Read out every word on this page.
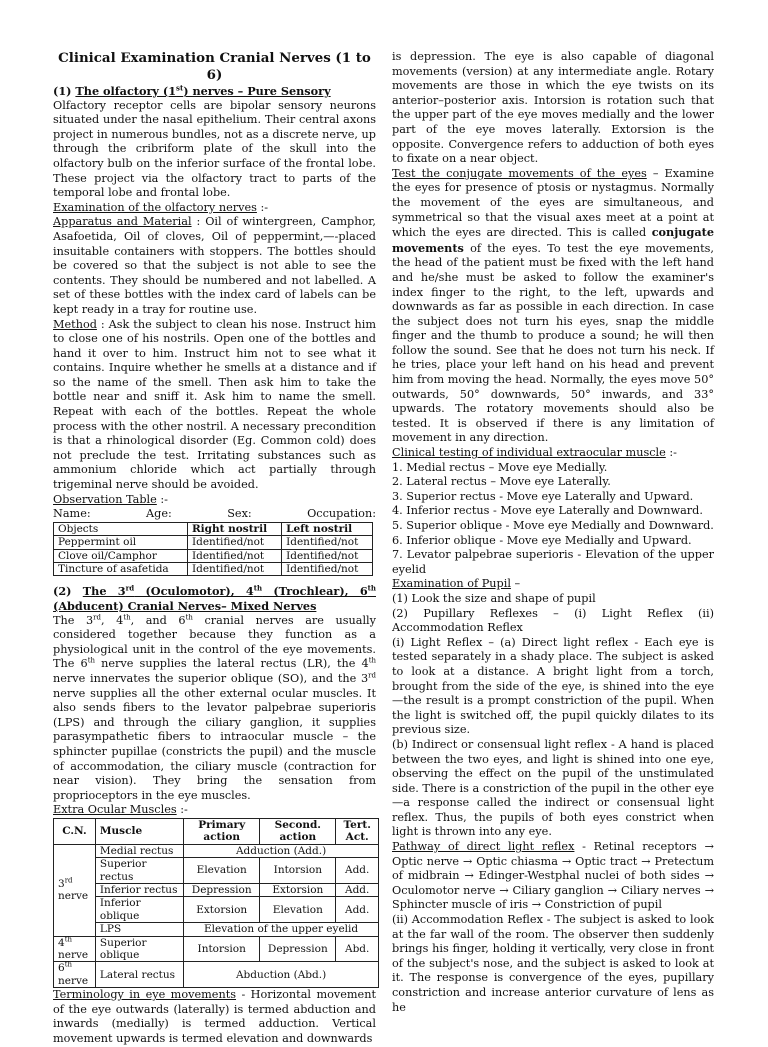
Clinical Examination Cranial Nerves (1 to 6)

(1) The olfactory (1st) nerves – Pure Sensory

Olfactory receptor cells are bipolar sensory neurons situated under the nasal epithelium. Their central axons project in numerous bundles, not as a discrete nerve, up through the cribriform plate of the skull into the olfactory bulb on the inferior surface of the frontal lobe. These project via the olfactory tract to parts of the temporal lobe and frontal lobe.

Examination of the olfactory nerves :-

Apparatus and Material : Oil of wintergreen, Camphor, Asafoetida, Oil of cloves, Oil of peppermint,—-placed insuitable containers with stoppers. The bottles should be covered so that the subject is not able to see the contents. They should be numbered and not labelled. A set of these bottles with the index card of labels can be kept ready in a tray for routine use.

Method : Ask the subject to clean his nose. Instruct him to close one of his nostrils. Open one of the bottles and hand it over to him. Instruct him not to see what it contains. Inquire whether he smells at a distance and if so the name of the smell. Then ask him to take the bottle near and sniff it. Ask him to name the smell. Repeat with each of the bottles. Repeat the whole process with the other nostril. A necessary precondition is that a rhinological disorder (Eg. Common cold) does not preclude the test. Irritating substances such as ammonium chloride which act partially through trigeminal nerve should be avoided.

Observation Table :-

Name:	Age:	Sex:	Occupation:

Objects	Right nostril	Left nostril
Peppermint oil	Identified/not	Identified/not
Clove oil/Camphor	Identified/not	Identified/not
Tincture of asafetida	Identified/not	Identified/not

(2) The 3rd (Oculomotor), 4th (Trochlear), 6th (Abducent) Cranial Nerves– Mixed Nerves

The 3rd, 4th, and 6th cranial nerves are usually considered together because they function as a physiological unit in the control of the eye movements. The 6th nerve supplies the lateral rectus (LR), the 4th nerve innervates the superior oblique (SO), and the 3rd nerve supplies all the other external ocular muscles. It also sends fibers to the levator palpebrae superioris (LPS) and through the ciliary ganglion, it supplies parasympathetic fibers to intraocular muscle – the sphincter pupillae (constricts the pupil) and the muscle of accommodation, the ciliary muscle (contraction for near vision). They bring the sensation from proprioceptors in the eye muscles.

Extra Ocular Muscles :-

C.N.	Muscle	Primary action	Second. action	Tert. Act.
3rd
nerve	Medial rectus	Adduction (Add.)		
	Superior rectus	Elevation	Intorsion	Add.
	Inferior rectus	Depression	Extorsion	Add.
	Inferior oblique	Extorsion	Elevation	Add.
	LPS	Elevation of the upper eyelid		
4th
nerve	Superior oblique	Intorsion	Depression	Abd.
6th
nerve	Lateral rectus	Abduction (Abd.)		

Terminology in eye movements - Horizontal movement of the eye outwards (laterally) is termed abduction and inwards (medially) is termed adduction. Vertical movement upwards is termed elevation and downwards

is depression. The eye is also capable of diagonal movements (version) at any intermediate angle. Rotary movements are those in which the eye twists on its anterior–posterior axis. Intorsion is rotation such that the upper part of the eye moves medially and the lower part of the eye moves laterally. Extorsion is the opposite. Convergence refers to adduction of both eyes to fixate on a near object.

Test the conjugate movements of the eyes – Examine the eyes for presence of ptosis or nystagmus. Normally the movement of the eyes are simultaneous, and symmetrical so that the visual axes meet at a point at which the eyes are directed. This is called conjugate movements of the eyes. To test the eye movements, the head of the patient must be fixed with the left hand and he/she must be asked to follow the examiner's index finger to the right, to the left, upwards and downwards as far as possible in each direction. In case the subject does not turn his eyes, snap the middle finger and the thumb to produce a sound; he will then follow the sound. See that he does not turn his neck. If he tries, place your left hand on his head and prevent him from moving the head. Normally, the eyes move 50° outwards, 50° downwards, 50° inwards, and 33° upwards. The rotatory movements should also be tested. It is observed if there is any limitation of movement in any direction.

Clinical testing of individual extraocular muscle :-

1. Medial rectus – Move eye Medially.

2. Lateral rectus – Move eye Laterally.

3. Superior rectus - Move eye Laterally and Upward.

4. Inferior rectus - Move eye Laterally and Downward.

5. Superior oblique - Move eye Medially and Downward.

6. Inferior oblique - Move eye Medially and Upward.

7. Levator palpebrae superioris - Elevation of the upper eyelid

Examination of Pupil –

(1) Look the size and shape of pupil

(2) Pupillary Reflexes – (i) Light Reflex (ii) Accommodation Reflex

(i) Light Reflex – (a) Direct light reflex - Each eye is tested separately in a shady place. The subject is asked to look at a distance. A bright light from a torch, brought from the side of the eye, is shined into the eye—the result is a prompt constriction of the pupil. When the light is switched off, the pupil quickly dilates to its previous size.

(b) Indirect or consensual light reflex - A hand is placed between the two eyes, and light is shined into one eye, observing the effect on the pupil of the unstimulated side. There is a constriction of the pupil in the other eye—a response called the indirect or consensual light reflex. Thus, the pupils of both eyes constrict when light is thrown into any eye.

Pathway of direct light reflex - Retinal receptors → Optic nerve → Optic chiasma → Optic tract → Pretectum of midbrain → Edinger-Westphal nuclei of both sides → Oculomotor nerve → Ciliary ganglion → Ciliary nerves → Sphincter muscle of iris → Constriction of pupil

(ii) Accommodation Reflex - The subject is asked to look at the far wall of the room. The observer then suddenly brings his finger, holding it vertically, very close in front of the subject's nose, and the subject is asked to look at it. The response is convergence of the eyes, pupillary constriction and increase anterior curvature of lens as he
